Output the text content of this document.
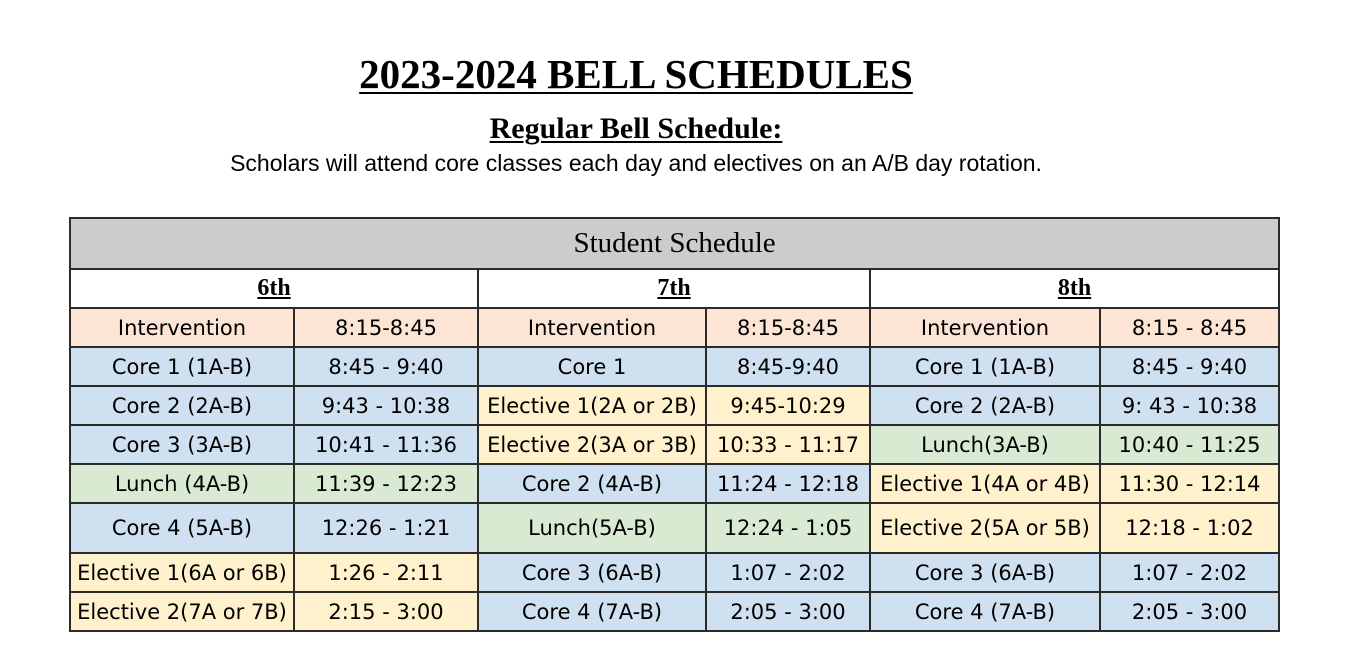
2023-2024 BELL SCHEDULES
Regular Bell Schedule:
Scholars will attend core classes each day and electives on an A/B day rotation.
Student Schedule					
6th		7th		8th	
Intervention	8:15-8:45	Intervention	8:15-8:45	Intervention	8:15 - 8:45
Core 1 (1A-B)	8:45 - 9:40	Core 1	8:45-9:40	Core 1 (1A-B)	8:45 - 9:40
Core 2 (2A-B)	9:43 - 10:38	Elective 1(2A or 2B)	9:45-10:29	Core 2 (2A-B)	9: 43 - 10:38
Core 3 (3A-B)	10:41 - 11:36	Elective 2(3A or 3B)	10:33 - 11:17	Lunch(3A-B)	10:40 - 11:25
Lunch (4A-B)	11:39 - 12:23	Core 2 (4A-B)	11:24 - 12:18	Elective 1(4A or 4B)	11:30 - 12:14
Core 4 (5A-B)	12:26 - 1:21	Lunch(5A-B)	12:24 - 1:05	Elective 2(5A or 5B)	12:18 - 1:02
Elective 1(6A or 6B)	1:26 - 2:11	Core 3 (6A-B)	1:07 - 2:02	Core 3 (6A-B)	1:07 - 2:02
Elective 2(7A or 7B)	2:15 - 3:00	Core 4 (7A-B)	2:05 - 3:00	Core 4 (7A-B)	2:05 - 3:00
